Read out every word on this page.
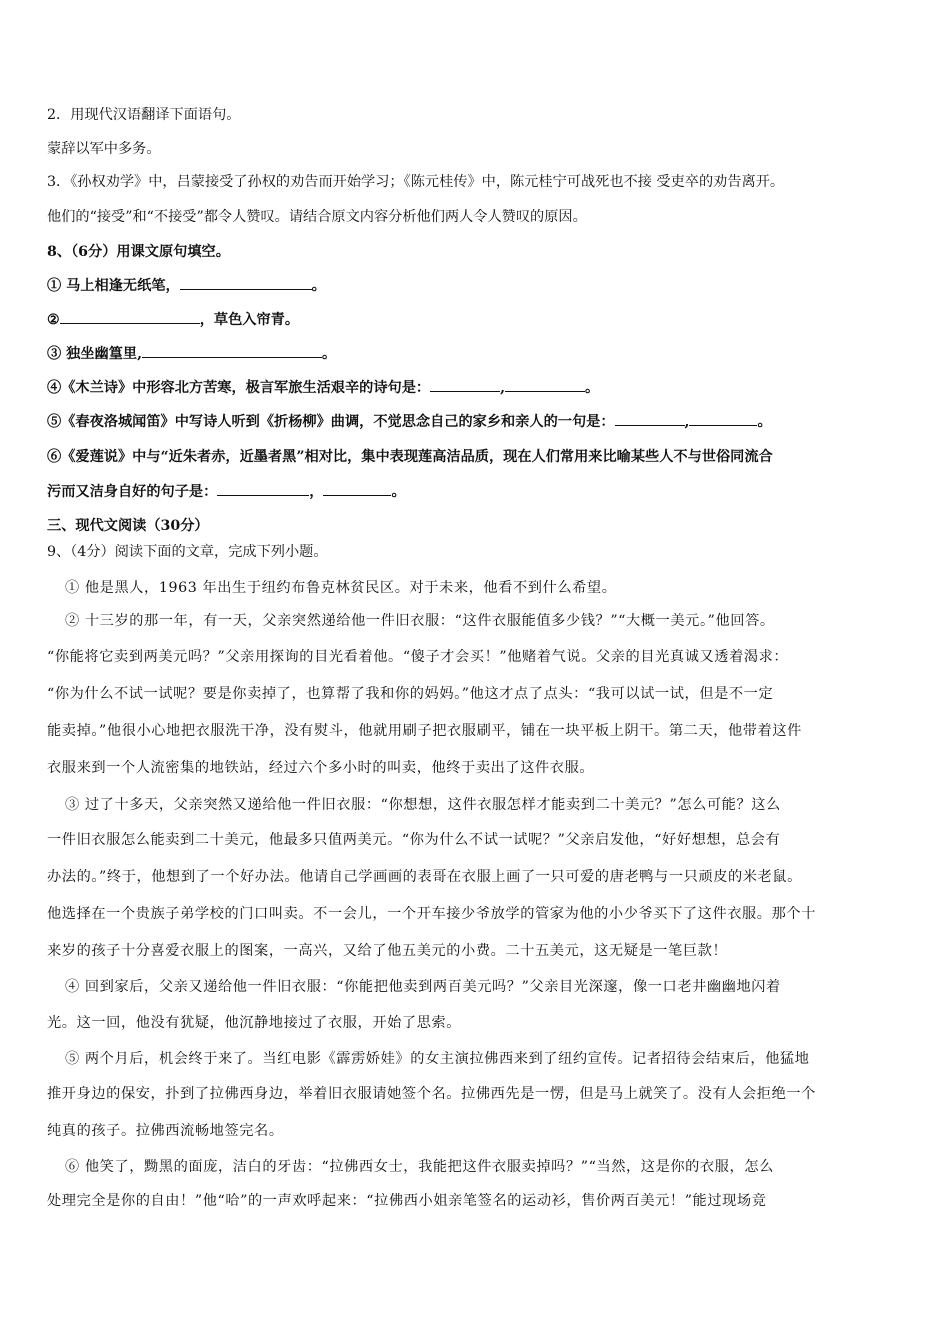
2．用现代汉语翻译下面语句。
蒙辞以军中多务。
3．《孙权劝学》中，吕蒙接受了孙权的劝告而开始学习；《陈元桂传》中，陈元桂宁可战死也不接 受吏卒的劝告离开。
他们的“接受”和“不接受”都令人赞叹。请结合原文内容分析他们两人令人赞叹的原因。
8、（6分）用课文原句填空。
① 马上相逢无纸笔，	。
②	，草色入帘青。
③ 独坐幽篁里,	。
④《木兰诗》中形容北方苦寒，极言军旅生活艰辛的诗句是：	,	。
⑤《春夜洛城闻笛》中写诗人听到《折杨柳》曲调，不觉思念自己的家乡和亲人的一句是：	,	。
⑥《爱莲说》中与“近朱者赤，近墨者黑”相对比，集中表现莲高洁品质，现在人们常用来比喻某些人不与世俗同流合
污而又洁身自好的句子是：	，	。
三、现代文阅读（30分）
9、（4分）阅读下面的文章，完成下列小题。
① 他是黑人，1963 年出生于纽约布鲁克林贫民区。对于未来，他看不到什么希望。
② 十三岁的那一年，有一天，父亲突然递给他一件旧衣服：“这件衣服能值多少钱？”“大概一美元。”他回答。
“你能将它卖到两美元吗？”父亲用探询的目光看着他。“傻子才会买！”他赌着气说。父亲的目光真诚又透着渴求：
“你为什么不试一试呢？要是你卖掉了，也算帮了我和你的妈妈。”他这才点了点头：“我可以试一试，但是不一定
能卖掉。”他很小心地把衣服洗干净，没有熨斗，他就用刷子把衣服刷平，铺在一块平板上阴干。第二天，他带着这件
衣服来到一个人流密集的地铁站，经过六个多小时的叫卖，他终于卖出了这件衣服。
③ 过了十多天，父亲突然又递给他一件旧衣服：“你想想，这件衣服怎样才能卖到二十美元？”怎么可能？这么
一件旧衣服怎么能卖到二十美元，他最多只值两美元。“你为什么不试一试呢？”父亲启发他，“好好想想，总会有
办法的。”终于，他想到了一个好办法。他请自己学画画的表哥在衣服上画了一只可爱的唐老鸭与一只顽皮的米老鼠。
他选择在一个贵族子弟学校的门口叫卖。不一会儿，一个开车接少爷放学的管家为他的小少爷买下了这件衣服。那个十
来岁的孩子十分喜爱衣服上的图案，一高兴，又给了他五美元的小费。二十五美元，这无疑是一笔巨款！
④ 回到家后，父亲又递给他一件旧衣服：“你能把他卖到两百美元吗？”父亲目光深邃，像一口老井幽幽地闪着
光。这一回，他没有犹疑，他沉静地接过了衣服，开始了思索。
⑤ 两个月后，机会终于来了。当红电影《霹雳娇娃》的女主演拉佛西来到了纽约宣传。记者招待会结束后，他猛地
推开身边的保安，扑到了拉佛西身边，举着旧衣服请她签个名。拉佛西先是一愣，但是马上就笑了。没有人会拒绝一个
纯真的孩子。拉佛西流畅地签完名。
⑥ 他笑了，黝黑的面庞，洁白的牙齿：“拉佛西女士，我能把这件衣服卖掉吗？”“当然，这是你的衣服，怎么
处理完全是你的自由！”他“哈”的一声欢呼起来：“拉佛西小姐亲笔签名的运动衫，售价两百美元！”能过现场竞
